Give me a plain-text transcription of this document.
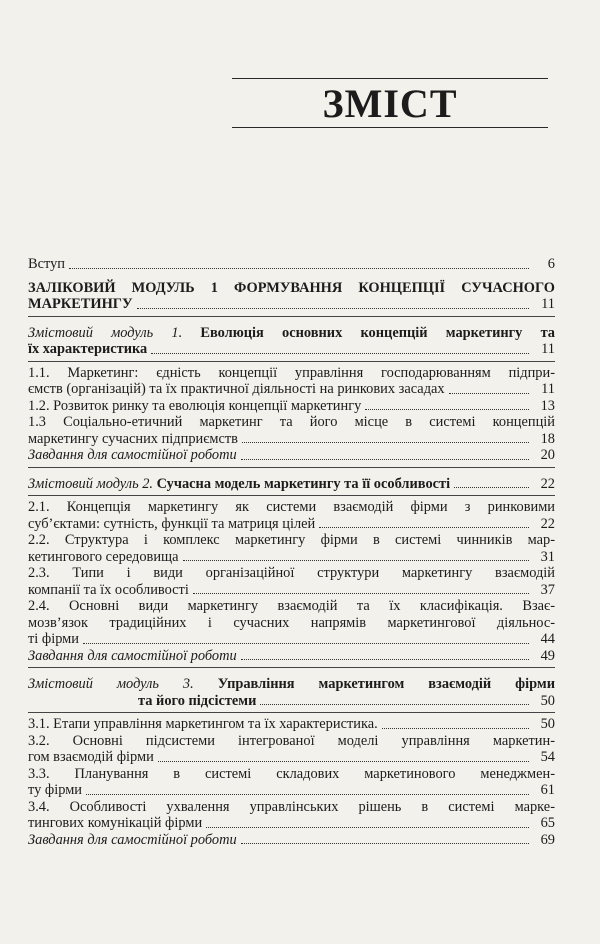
ЗМІСТ
Вступ	6
ЗАЛІКОВИЙ МОДУЛЬ 1 ФОРМУВАННЯ КОНЦЕПЦІЇ СУЧАСНОГО
МАРКЕТИНГУ	11
Змістовий модуль 1. Еволюція основних концепцій маркетингу та
їх характеристика	11
1.1. Маркетинг: єдність концепції управління господарюванням підпри-
ємств (організацій) та їх практичної діяльності на ринкових засадах	11
1.2. Розвиток ринку та еволюція концепції маркетингу	13
1.3 Соціально-етичний маркетинг та його місце в системі концепцій
маркетингу сучасних підприємств	18
Завдання для самостійної роботи	20
Змістовий модуль 2. Сучасна модель маркетингу та її особливості	22
2.1. Концепція маркетингу як системи взаємодій фірми з ринковими
суб’єктами: сутність, функції та матриця цілей	22
2.2. Структура і комплекс маркетингу фірми в системі чинників мар-
кетингового середовища	31
2.3. Типи і види організаційної структури маркетингу взаємодій
компанії та їх особливості	37
2.4. Основні види маркетингу взаємодій та їх класифікація. Взає-
мозв’язок традиційних і сучасних напрямів маркетингової діяльнос-
ті фірми	44
Завдання для самостійної роботи	49
Змістовий модуль 3. Управління маркетингом взаємодій фірми
та його підсістеми	50
3.1. Етапи управління маркетингом та їх характеристика.	50
3.2. Основні підсистеми інтегрованої моделі управління маркетин-
гом взаємодій фірми	54
3.3. Планування в системі складових маркетинового менеджмен-
ту фірми	61
3.4. Особливості ухвалення управлінських рішень в системі марке-
тингових комунікацій фірми	65
Завдання для самостійної роботи	69
